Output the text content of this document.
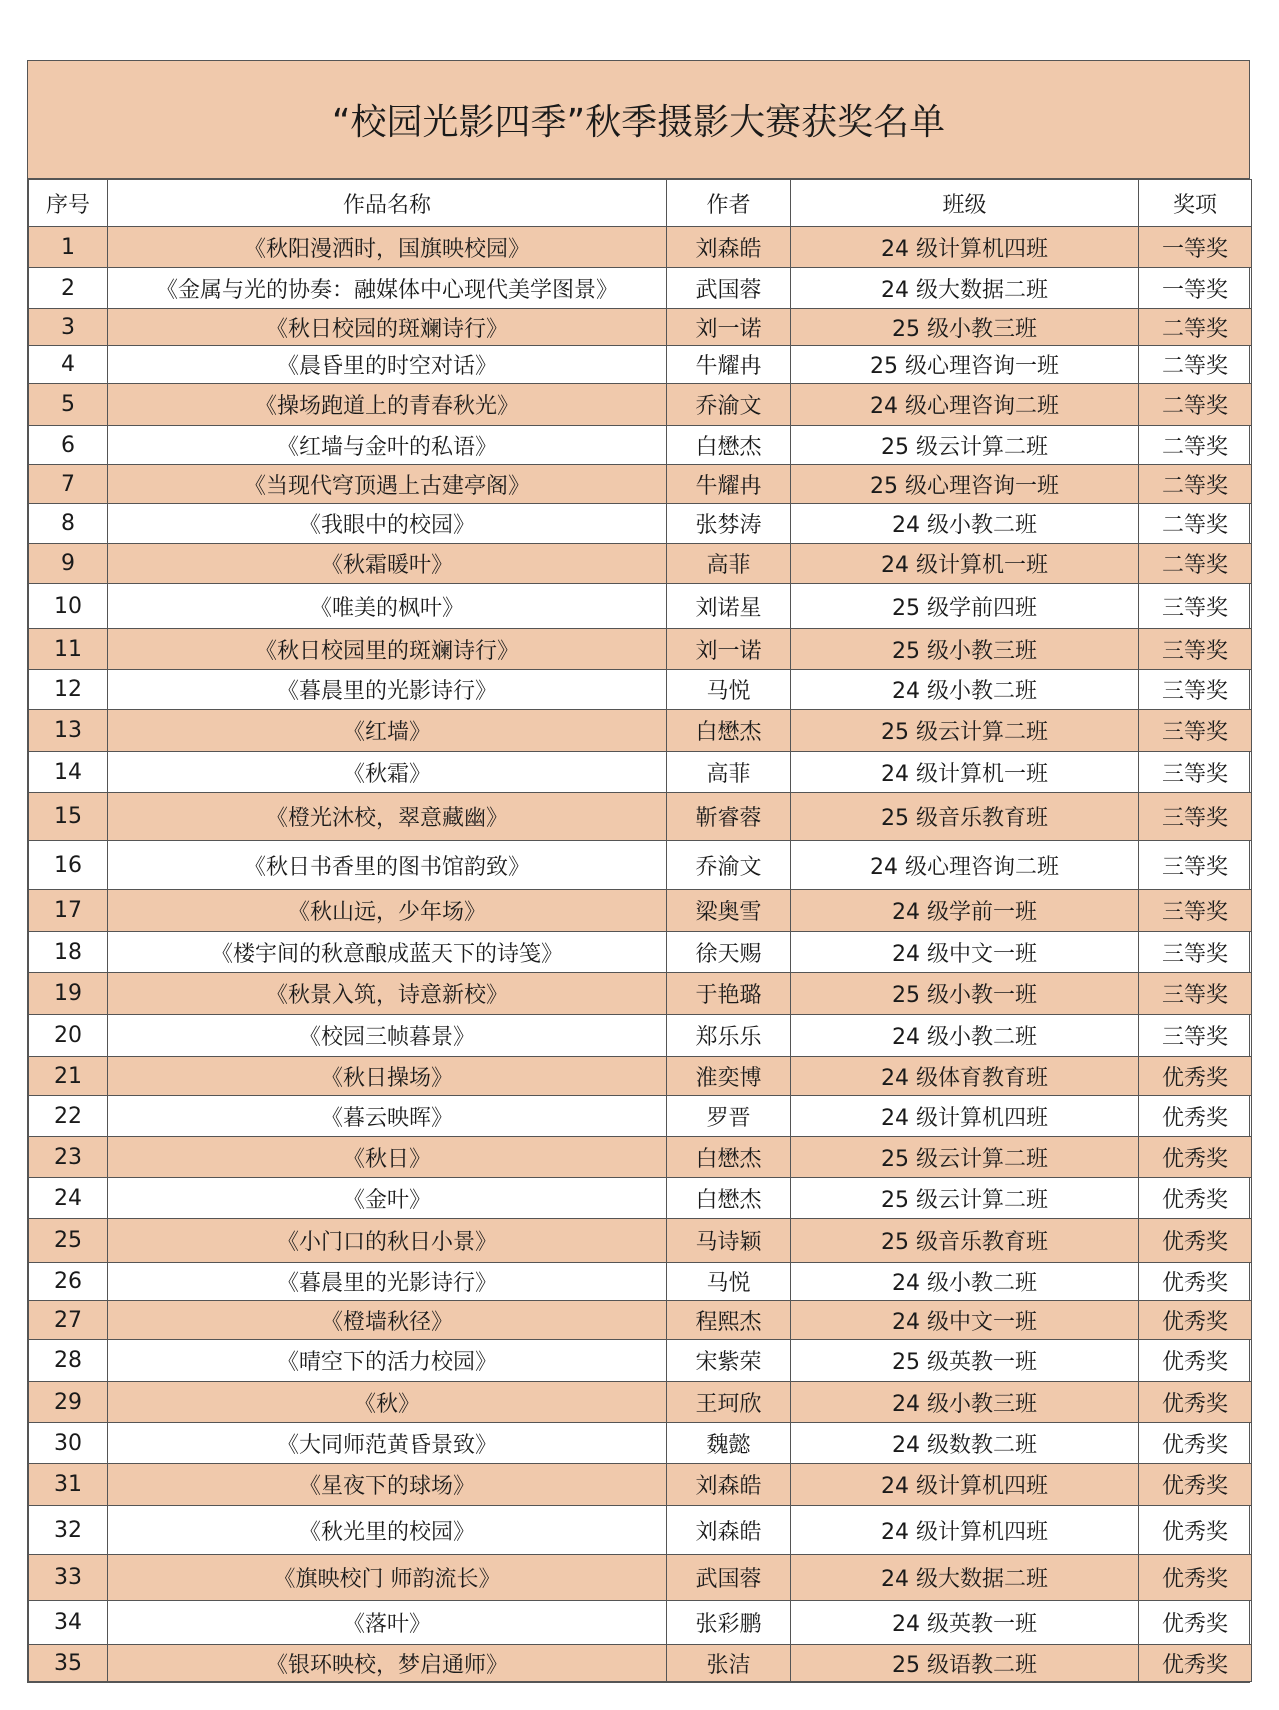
“校园光影四季”秋季摄影大赛获奖名单
序号	作品名称	作者	班级	奖项
1	《秋阳漫洒时，国旗映校园》	刘森皓	24 级计算机四班	一等奖
2	《金属与光的协奏：融媒体中心现代美学图景》	武国蓉	24 级大数据二班	一等奖
3	《秋日校园的斑斓诗行》	刘一诺	25 级小教三班	二等奖
4	《晨昏里的时空对话》	牛耀冉	25 级心理咨询一班	二等奖
5	《操场跑道上的青春秋光》	乔渝文	24 级心理咨询二班	二等奖
6	《红墙与金叶的私语》	白懋杰	25 级云计算二班	二等奖
7	《当现代穹顶遇上古建亭阁》	牛耀冉	25 级心理咨询一班	二等奖
8	《我眼中的校园》	张棼涛	24 级小教二班	二等奖
9	《秋霜暖叶》	高菲	24 级计算机一班	二等奖
10	《唯美的枫叶》	刘诺星	25 级学前四班	三等奖
11	《秋日校园里的斑斓诗行》	刘一诺	25 级小教三班	三等奖
12	《暮晨里的光影诗行》	马悦	24 级小教二班	三等奖
13	《红墙》	白懋杰	25 级云计算二班	三等奖
14	《秋霜》	高菲	24 级计算机一班	三等奖
15	《橙光沐校，翠意藏幽》	靳睿蓉	25 级音乐教育班	三等奖
16	《秋日书香里的图书馆韵致》	乔渝文	24 级心理咨询二班	三等奖
17	《秋山远，少年场》	梁奥雪	24 级学前一班	三等奖
18	《楼宇间的秋意酿成蓝天下的诗笺》	徐天赐	24 级中文一班	三等奖
19	《秋景入筑，诗意新校》	于艳璐	25 级小教一班	三等奖
20	《校园三帧暮景》	郑乐乐	24 级小教二班	三等奖
21	《秋日操场》	淮奕博	24 级体育教育班	优秀奖
22	《暮云映晖》	罗晋	24 级计算机四班	优秀奖
23	《秋日》	白懋杰	25 级云计算二班	优秀奖
24	《金叶》	白懋杰	25 级云计算二班	优秀奖
25	《小门口的秋日小景》	马诗颖	25 级音乐教育班	优秀奖
26	《暮晨里的光影诗行》	马悦	24 级小教二班	优秀奖
27	《橙墙秋径》	程熙杰	24 级中文一班	优秀奖
28	《晴空下的活力校园》	宋紫荣	25 级英教一班	优秀奖
29	《秋》	王珂欣	24 级小教三班	优秀奖
30	《大同师范黄昏景致》	魏懿	24 级数教二班	优秀奖
31	《星夜下的球场》	刘森皓	24 级计算机四班	优秀奖
32	《秋光里的校园》	刘森皓	24 级计算机四班	优秀奖
33	《旗映校门 师韵流长》	武国蓉	24 级大数据二班	优秀奖
34	《落叶》	张彩鹏	24 级英教一班	优秀奖
35	《银环映校，梦启通师》	张洁	25 级语教二班	优秀奖
